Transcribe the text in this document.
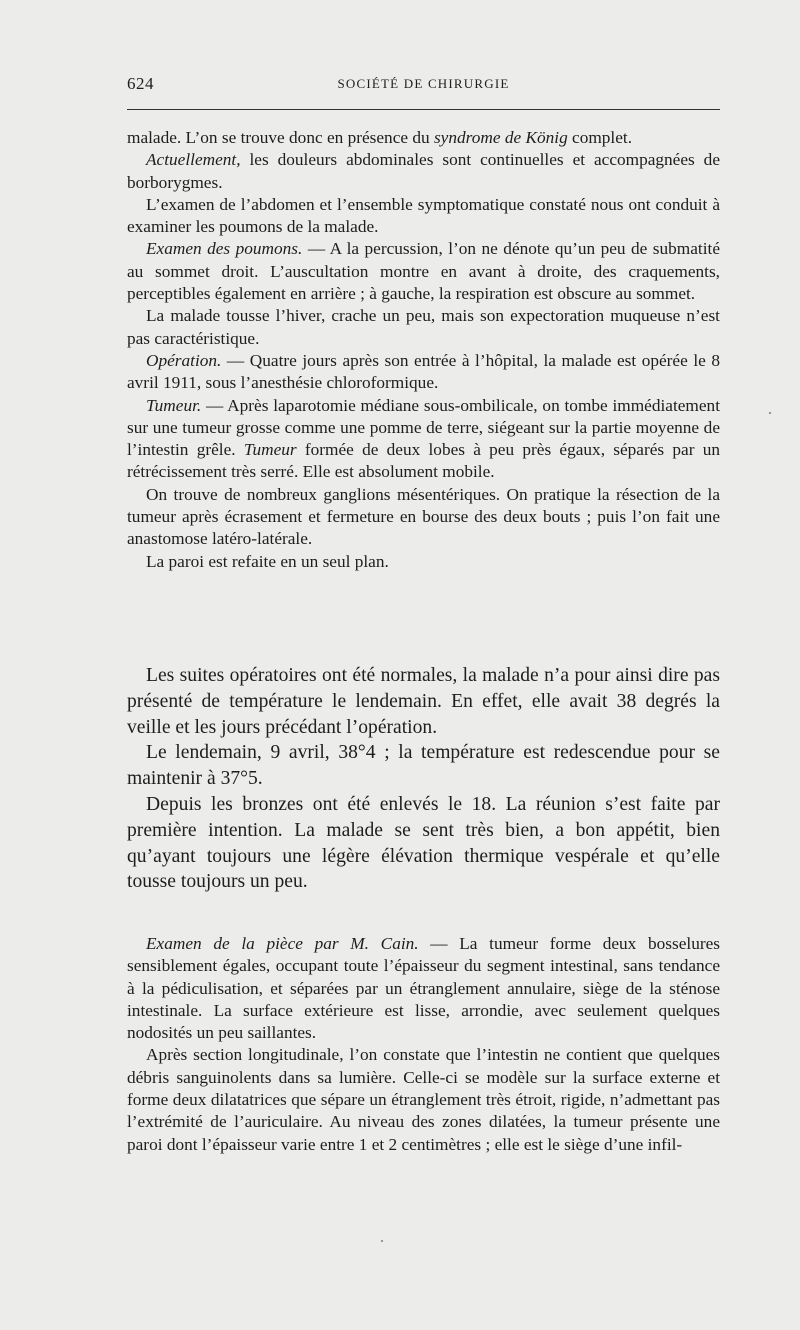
624	SOCIÉTÉ DE CHIRURGIE

malade. L’on se trouve donc en présence du syndrome de König complet.

Actuellement, les douleurs abdominales sont continuelles et accompagnées de borborygmes.

L’examen de l’abdomen et l’ensemble symptomatique constaté nous ont conduit à examiner les poumons de la malade.

Examen des poumons. — A la percussion, l’on ne dénote qu’un peu de submatité au sommet droit. L’auscultation montre en avant à droite, des craquements, perceptibles également en arrière ; à gauche, la respiration est obscure au sommet.

La malade tousse l’hiver, crache un peu, mais son expectoration muqueuse n’est pas caractéristique.

Opération. — Quatre jours après son entrée à l’hôpital, la malade est opérée le 8 avril 1911, sous l’anesthésie chloroformique.

Tumeur. — Après laparotomie médiane sous-ombilicale, on tombe immédiatement sur une tumeur grosse comme une pomme de terre, siégeant sur la partie moyenne de l’intestin grêle. Tumeur formée de deux lobes à peu près égaux, séparés par un rétrécissement très serré. Elle est absolument mobile.

On trouve de nombreux ganglions mésentériques. On pratique la résection de la tumeur après écrasement et fermeture en bourse des deux bouts ; puis l’on fait une anastomose latéro-latérale.

La paroi est refaite en un seul plan.

Les suites opératoires ont été normales, la malade n’a pour ainsi dire pas présenté de température le lendemain. En effet, elle avait 38 degrés la veille et les jours précédant l’opération.

Le lendemain, 9 avril, 38°4 ; la température est redescendue pour se maintenir à 37°5.

Depuis les bronzes ont été enlevés le 18. La réunion s’est faite par première intention. La malade se sent très bien, a bon appétit, bien qu’ayant toujours une légère élévation thermique vespérale et qu’elle tousse toujours un peu.

Examen de la pièce par M. Cain. — La tumeur forme deux bosselures sensiblement égales, occupant toute l’épaisseur du segment intestinal, sans tendance à la pédiculisation, et séparées par un étranglement annulaire, siège de la sténose intestinale. La surface extérieure est lisse, arrondie, avec seulement quelques nodosités un peu saillantes.

Après section longitudinale, l’on constate que l’intestin ne contient que quelques débris sanguinolents dans sa lumière. Celle-ci se modèle sur la surface externe et forme deux dilatatrices que sépare un étranglement très étroit, rigide, n’admettant pas l’extrémité de l’auriculaire. Au niveau des zones dilatées, la tumeur présente une paroi dont l’épaisseur varie entre 1 et 2 centimètres ; elle est le siège d’une infil-
